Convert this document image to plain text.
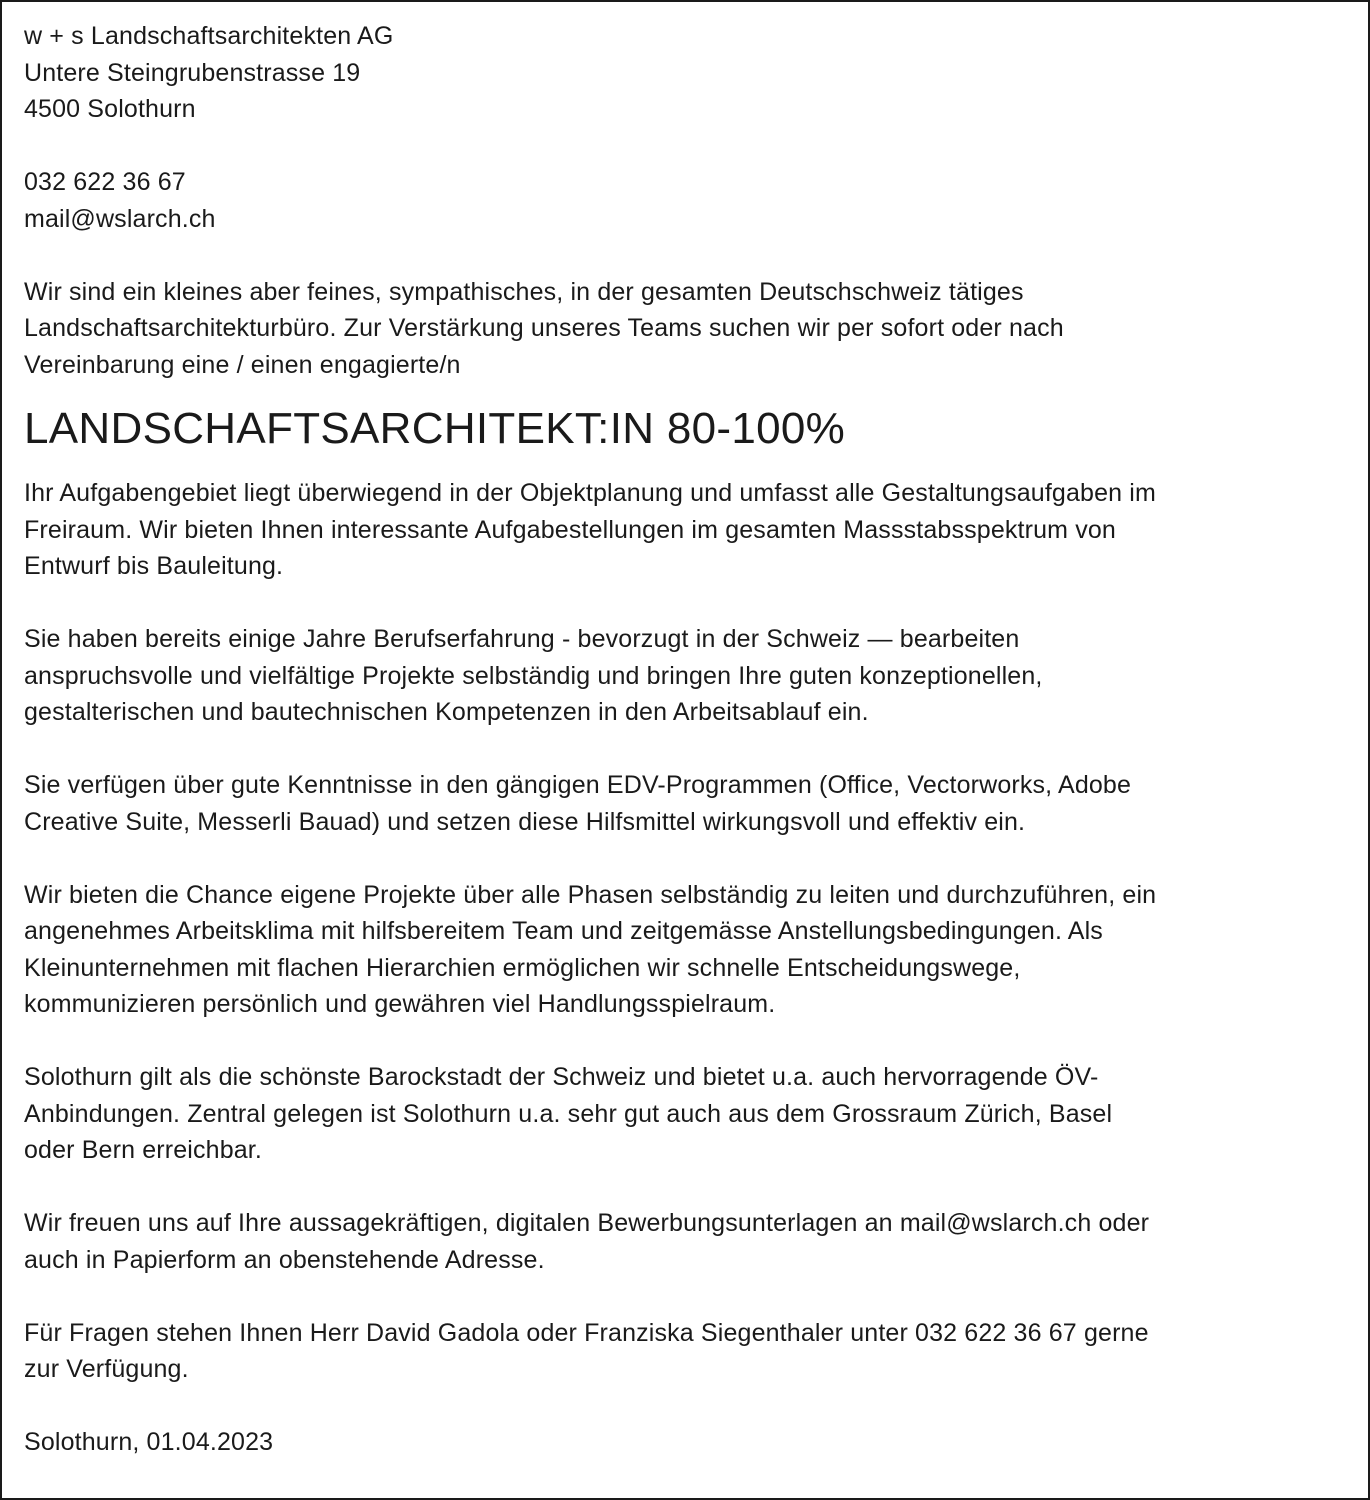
w + s Landschaftsarchitekten AG
Untere Steingrubenstrasse 19
4500 Solothurn
032 622 36 67
mail@wslarch.ch
Wir sind ein kleines aber feines, sympathisches, in der gesamten Deutschschweiz tätiges
Landschaftsarchitekturbüro. Zur Verstärkung unseres Teams suchen wir per sofort oder nach
Vereinbarung eine / einen engagierte/n
LANDSCHAFTSARCHITEKT:IN 80-100%
Ihr Aufgabengebiet liegt überwiegend in der Objektplanung und umfasst alle Gestaltungsaufgaben im
Freiraum. Wir bieten Ihnen interessante Aufgabestellungen im gesamten Massstabsspektrum von
Entwurf bis Bauleitung.
Sie haben bereits einige Jahre Berufserfahrung - bevorzugt in der Schweiz — bearbeiten
anspruchsvolle und vielfältige Projekte selbständig und bringen Ihre guten konzeptionellen,
gestalterischen und bautechnischen Kompetenzen in den Arbeitsablauf ein.
Sie verfügen über gute Kenntnisse in den gängigen EDV-Programmen (Office, Vectorworks, Adobe
Creative Suite, Messerli Bauad) und setzen diese Hilfsmittel wirkungsvoll und effektiv ein.
Wir bieten die Chance eigene Projekte über alle Phasen selbständig zu leiten und durchzuführen, ein
angenehmes Arbeitsklima mit hilfsbereitem Team und zeitgemässe Anstellungsbedingungen. Als
Kleinunternehmen mit flachen Hierarchien ermöglichen wir schnelle Entscheidungswege,
kommunizieren persönlich und gewähren viel Handlungsspielraum.
Solothurn gilt als die schönste Barockstadt der Schweiz und bietet u.a. auch hervorragende ÖV-
Anbindungen. Zentral gelegen ist Solothurn u.a. sehr gut auch aus dem Grossraum Zürich, Basel
oder Bern erreichbar.
Wir freuen uns auf Ihre aussagekräftigen, digitalen Bewerbungsunterlagen an mail@wslarch.ch oder
auch in Papierform an obenstehende Adresse.
Für Fragen stehen Ihnen Herr David Gadola oder Franziska Siegenthaler unter 032 622 36 67 gerne
zur Verfügung.
Solothurn, 01.04.2023
